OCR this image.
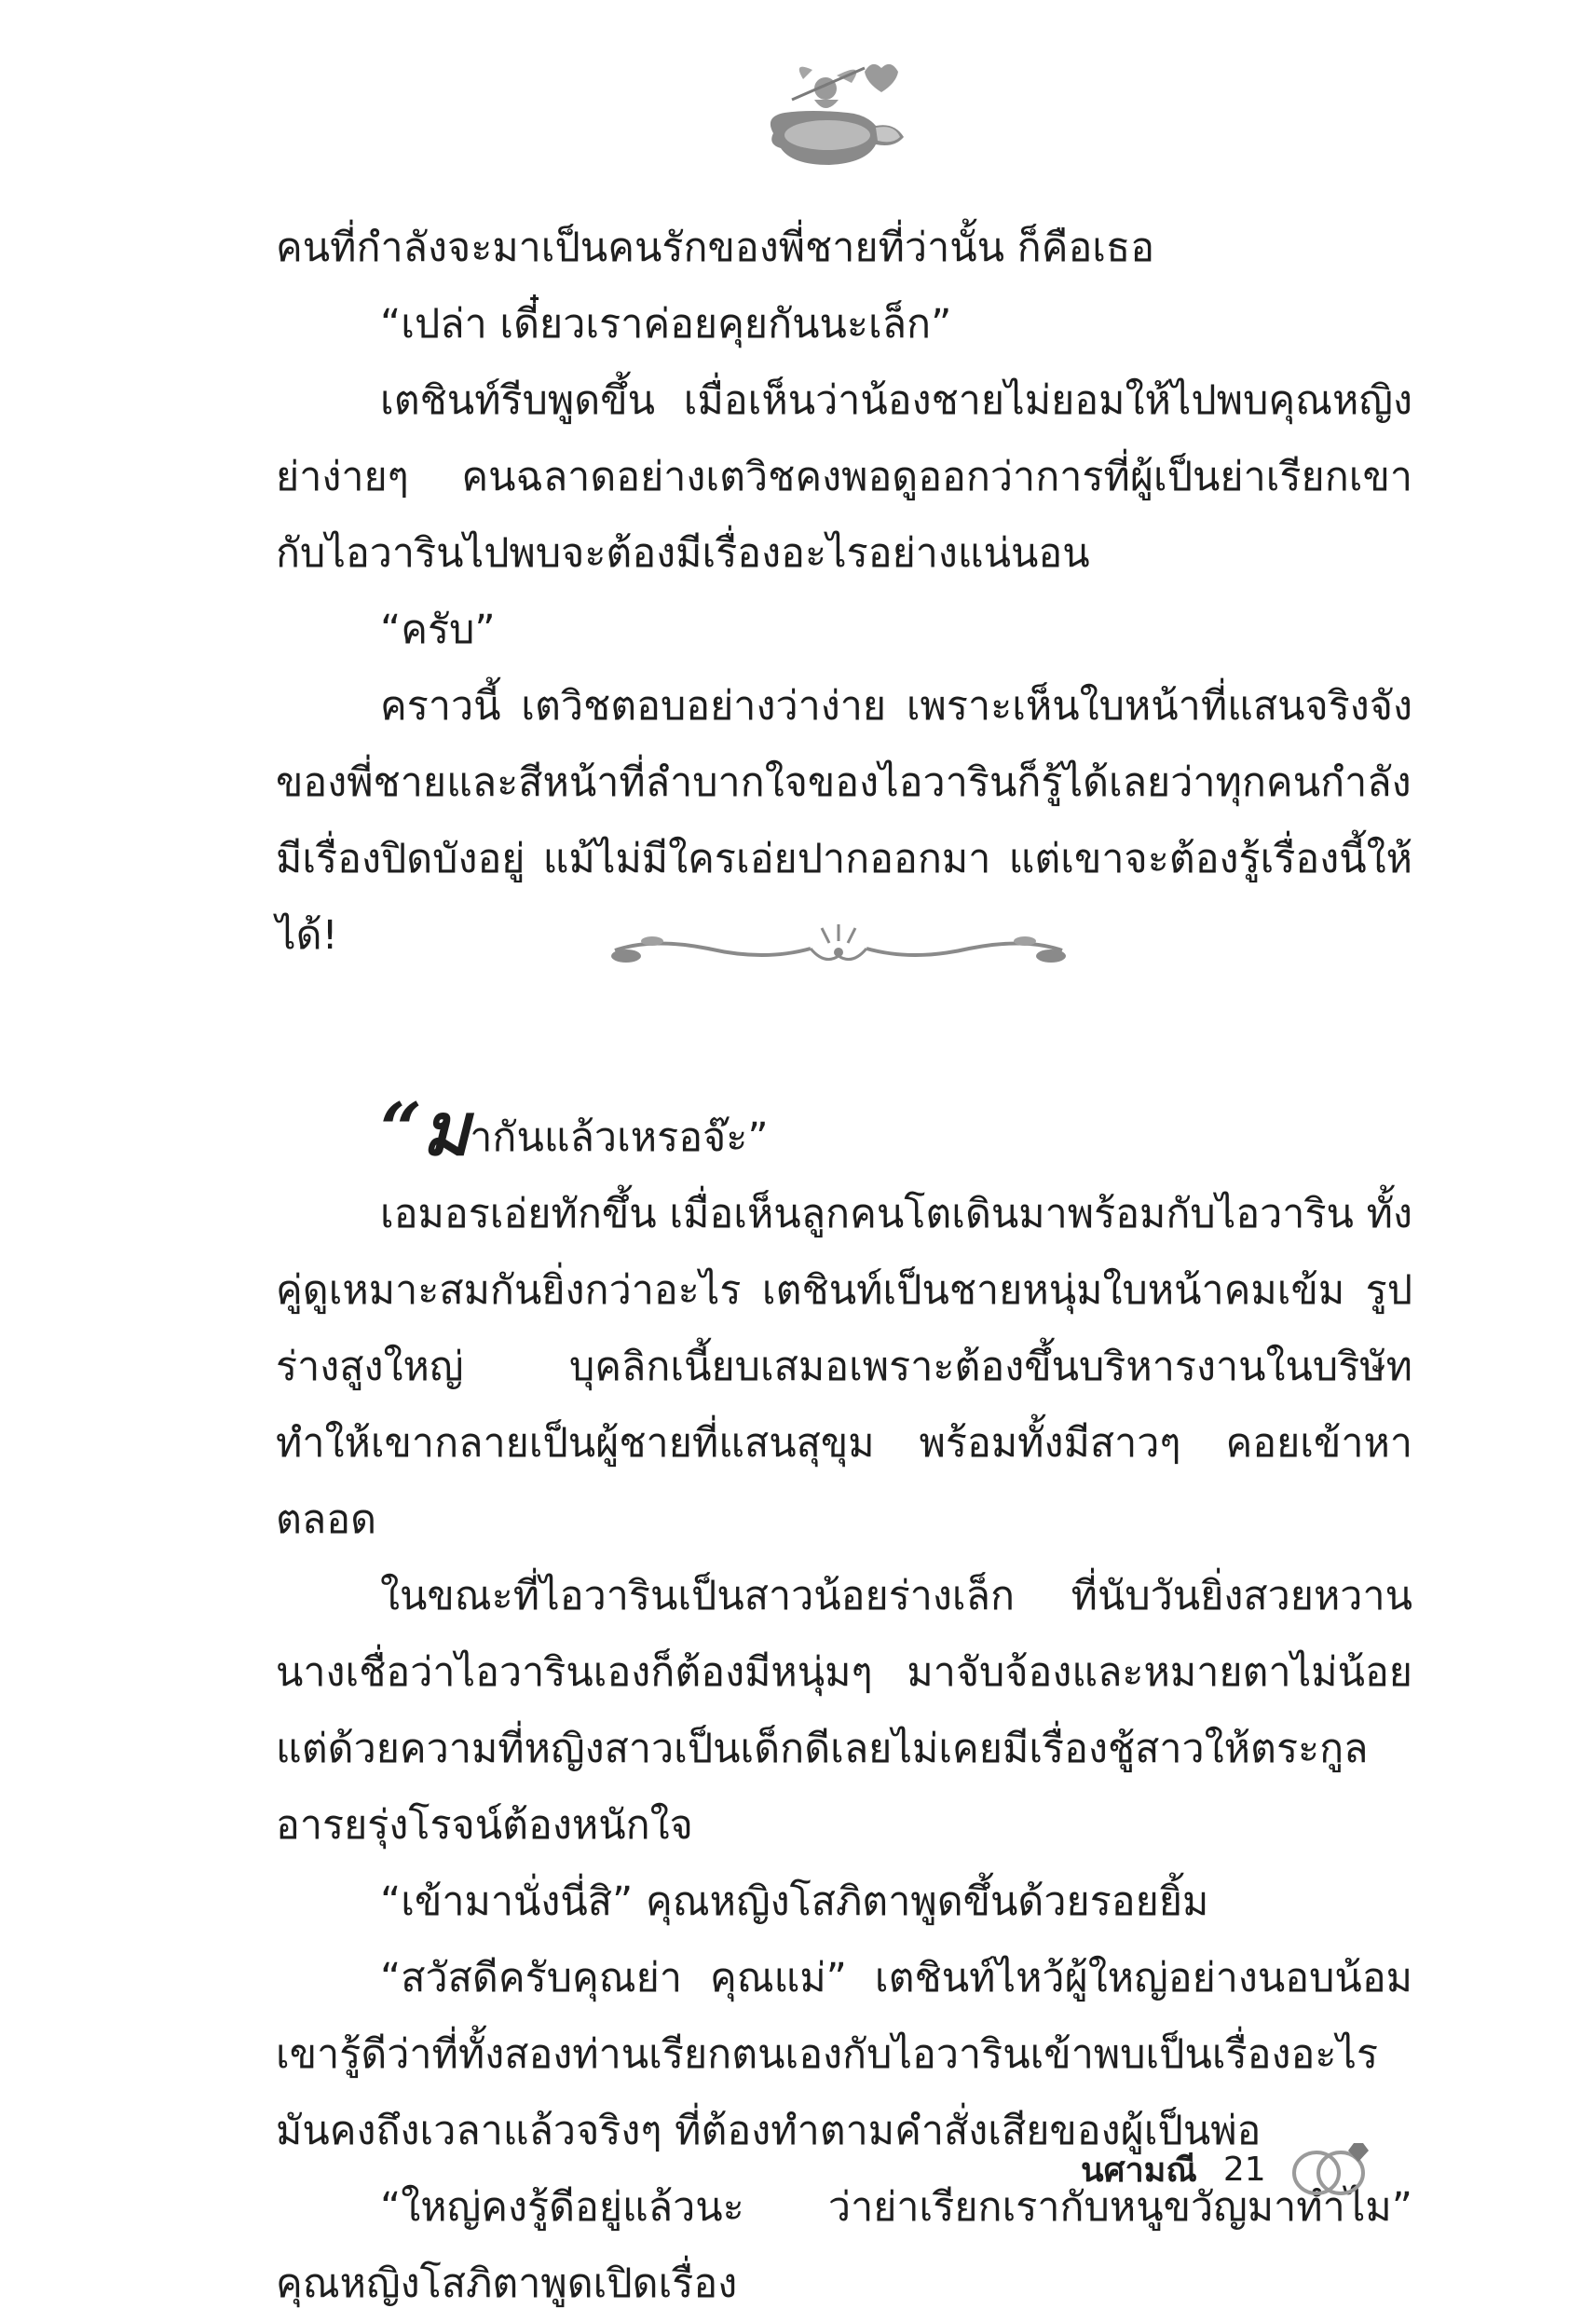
คนที่กำลังจะมาเป็นคนรักของพี่ชายที่ว่านั้น ก็คือเธอ

“เปล่า เดี๋ยวเราค่อยคุยกันนะเล็ก”

เตชินท์รีบพูดขึ้น เมื่อเห็นว่าน้องชายไม่ยอมให้ไปพบคุณหญิงย่าง่ายๆ คนฉลาดอย่างเตวิชคงพอดูออกว่าการที่ผู้เป็นย่าเรียกเขากับไอวารินไปพบจะต้องมีเรื่องอะไรอย่างแน่นอน

“ครับ”

คราวนี้ เตวิชตอบอย่างว่าง่าย เพราะเห็นใบหน้าที่แสนจริงจังของพี่ชายและสีหน้าที่ลำบากใจของไอวารินก็รู้ได้เลยว่าทุกคนกำลังมีเรื่องปิดบังอยู่ แม้ไม่มีใครเอ่ยปากออกมา แต่เขาจะต้องรู้เรื่องนี้ให้ได้!

“มากันแล้วเหรอจ๊ะ”

เอมอรเอ่ยทักขึ้น เมื่อเห็นลูกคนโตเดินมาพร้อมกับไอวาริน ทั้งคู่ดูเหมาะสมกันยิ่งกว่าอะไร เตชินท์เป็นชายหนุ่มใบหน้าคมเข้ม รูปร่างสูงใหญ่ บุคลิกเนี้ยบเสมอเพราะต้องขึ้นบริหารงานในบริษัท ทำให้เขากลายเป็นผู้ชายที่แสนสุขุม พร้อมทั้งมีสาวๆ คอยเข้าหาตลอด

ในขณะที่ไอวารินเป็นสาวน้อยร่างเล็ก ที่นับวันยิ่งสวยหวาน นางเชื่อว่าไอวารินเองก็ต้องมีหนุ่มๆ มาจับจ้องและหมายตาไม่น้อย แต่ด้วยความที่หญิงสาวเป็นเด็กดีเลยไม่เคยมีเรื่องชู้สาวให้ตระกูลอารยรุ่งโรจน์ต้องหนักใจ

“เข้ามานั่งนี่สิ” คุณหญิงโสภิตาพูดขึ้นด้วยรอยยิ้ม

“สวัสดีครับคุณย่า คุณแม่” เตชินท์ไหว้ผู้ใหญ่อย่างนอบน้อม เขารู้ดีว่าที่ทั้งสองท่านเรียกตนเองกับไอวารินเข้าพบเป็นเรื่องอะไร มันคงถึงเวลาแล้วจริงๆ ที่ต้องทำตามคำสั่งเสียของผู้เป็นพ่อ

“ใหญ่คงรู้ดีอยู่แล้วนะ ว่าย่าเรียกเรากับหนูขวัญมาทำไม” คุณหญิงโสภิตาพูดเปิดเรื่อง

นศามณี 21
